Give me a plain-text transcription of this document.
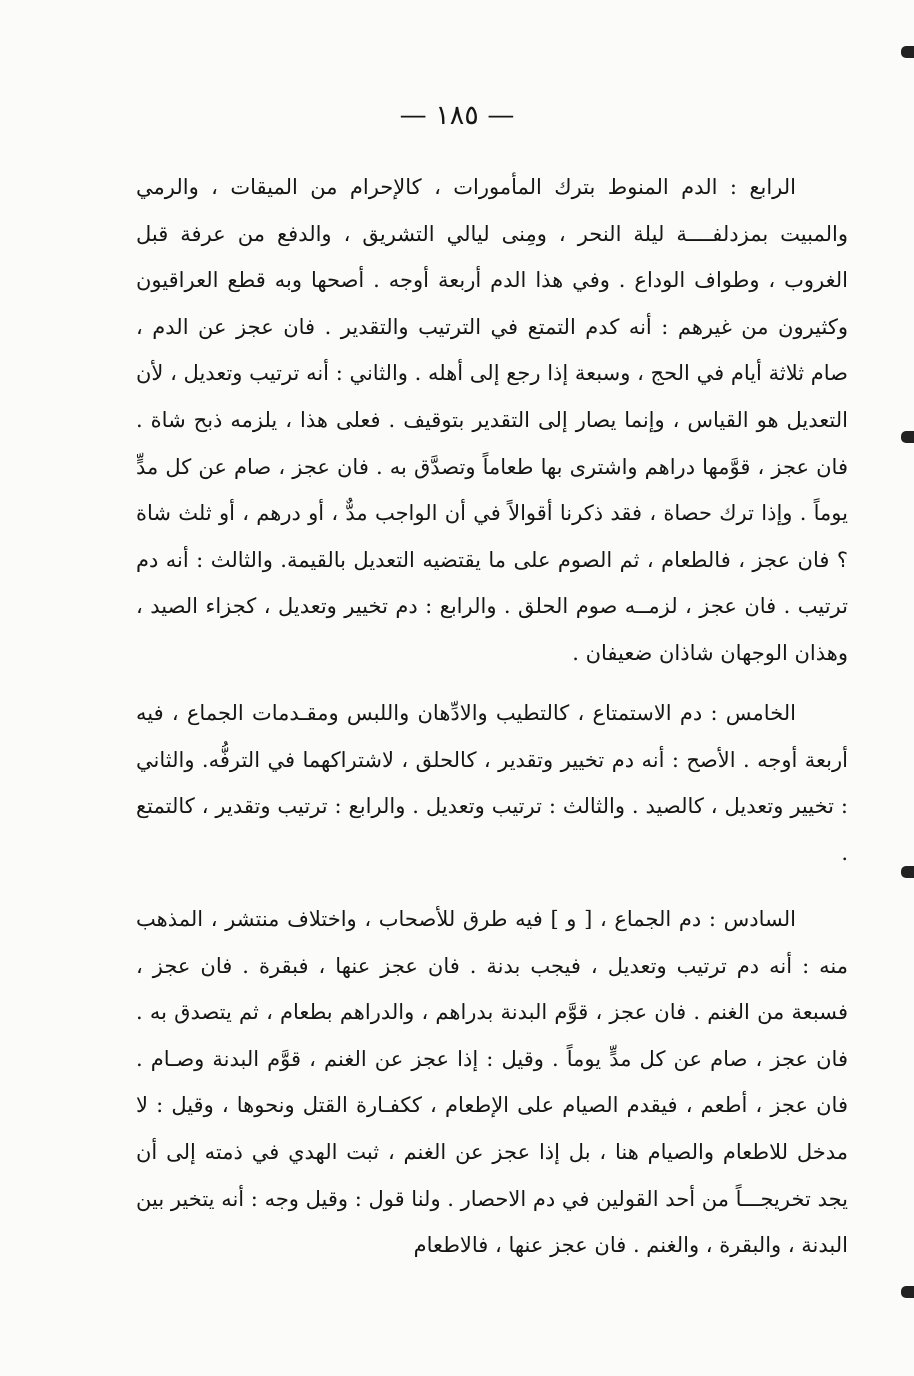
— ١٨٥ —

الرابع : الدم المنوط بترك المأمورات ، كالإحرام من الميقات ، والرمي والمبيت بمزدلفــــة ليلة النحر ، ومِنى ليالي التشريق ، والدفع من عرفة قبل الغروب ، وطواف الوداع . وفي هذا الدم أربعة أوجه . أصحها وبه قطع العراقيون وكثيرون من غيرهم : أنه كدم التمتع في الترتيب والتقدير . فان عجز عن الدم ، صام ثلاثة أيام في الحج ، وسبعة إذا رجع إلى أهله . والثاني : أنه ترتيب وتعديل ، لأن التعديل هو القياس ، وإنما يصار إلى التقدير بتوقيف . فعلى هذا ، يلزمه ذبح شاة . فان عجز ، قوَّمها دراهم واشترى بها طعاماً وتصدَّق به . فان عجز ، صام عن كل مدٍّ يوماً . وإذا ترك حصاة ، فقد ذكرنا أقوالاً في أن الواجب مدٌّ ، أو درهم ، أو ثلث شاة ؟ فان عجز ، فالطعام ، ثم الصوم على ما يقتضيه التعديل بالقيمة. والثالث : أنه دم ترتيب . فان عجز ، لزمــه صوم الحلق . والرابع : دم تخيير وتعديل ، كجزاء الصيد ، وهذان الوجهان شاذان ضعيفان .

الخامس : دم الاستمتاع ، كالتطيب والادِّهان واللبس ومقـدمات الجماع ، فيه أربعة أوجه . الأصح : أنه دم تخيير وتقدير ، كالحلق ، لاشتراكهما في الترفُّه. والثاني : تخيير وتعديل ، كالصيد . والثالث : ترتيب وتعديل . والرابع : ترتيب وتقدير ، كالتمتع .

السادس : دم الجماع ، [ و ] فيه طرق للأصحاب ، واختلاف منتشر ، المذهب منه : أنه دم ترتيب وتعديل ، فيجب بدنة . فان عجز عنها ، فبقرة . فان عجز ، فسبعة من الغنم . فان عجز ، قوَّم البدنة بدراهم ، والدراهم بطعام ، ثم يتصدق به . فان عجز ، صام عن كل مدٍّ يوماً . وقيل : إذا عجز عن الغنم ، قوَّم البدنة وصـام . فان عجز ، أطعم ، فيقدم الصيام على الإطعام ، ككفـارة القتل ونحوها ، وقيل : لا مدخل للاطعام والصيام هنا ، بل إذا عجز عن الغنم ، ثبت الهدي في ذمته إلى أن يجد تخريجـــاً من أحد القولين في دم الاحصار . ولنا قول : وقيل وجه : أنه يتخير بين البدنة ، والبقرة ، والغنم . فان عجز عنها ، فالاطعام
